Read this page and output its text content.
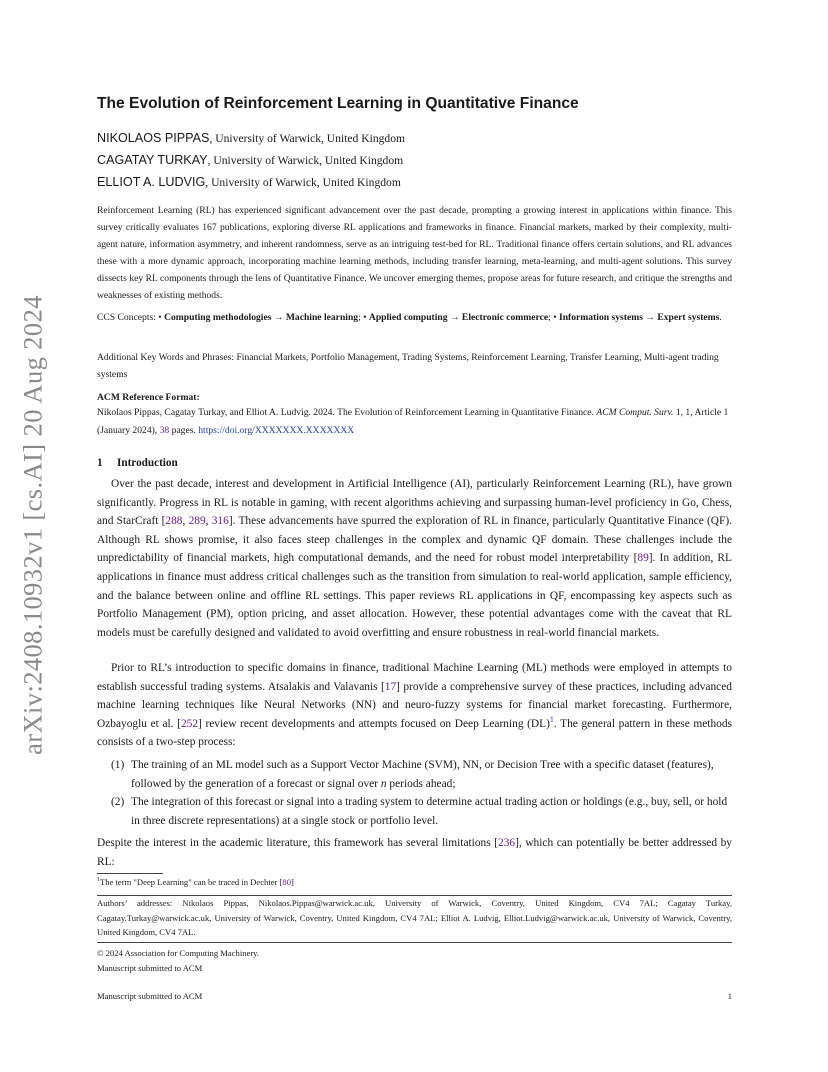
arXiv:2408.10932v1 [cs.AI] 20 Aug 2024
The Evolution of Reinforcement Learning in Quantitative Finance
NIKOLAOS PIPPAS, University of Warwick, United Kingdom
CAGATAY TURKAY, University of Warwick, United Kingdom
ELLIOT A. LUDVIG, University of Warwick, United Kingdom
Reinforcement Learning (RL) has experienced significant advancement over the past decade, prompting a growing interest in applications within finance. This survey critically evaluates 167 publications, exploring diverse RL applications and frameworks in finance. Financial markets, marked by their complexity, multi-agent nature, information asymmetry, and inherent randomness, serve as an intriguing test-bed for RL. Traditional finance offers certain solutions, and RL advances these with a more dynamic approach, incorporating machine learning methods, including transfer learning, meta-learning, and multi-agent solutions. This survey dissects key RL components through the lens of Quantitative Finance. We uncover emerging themes, propose areas for future research, and critique the strengths and weaknesses of existing methods.
CCS Concepts: • Computing methodologies → Machine learning; • Applied computing → Electronic commerce; • Information systems → Expert systems.
Additional Key Words and Phrases: Financial Markets, Portfolio Management, Trading Systems, Reinforcement Learning, Transfer Learning, Multi-agent trading systems
ACM Reference Format:
Nikolaos Pippas, Cagatay Turkay, and Elliot A. Ludvig. 2024. The Evolution of Reinforcement Learning in Quantitative Finance. ACM Comput. Surv. 1, 1, Article 1 (January 2024), 38 pages. https://doi.org/XXXXXXX.XXXXXXX
1 Introduction
Over the past decade, interest and development in Artificial Intelligence (AI), particularly Reinforcement Learning (RL), have grown significantly. Progress in RL is notable in gaming, with recent algorithms achieving and surpassing human-level proficiency in Go, Chess, and StarCraft [288, 289, 316]. These advancements have spurred the exploration of RL in finance, particularly Quantitative Finance (QF). Although RL shows promise, it also faces steep challenges in the complex and dynamic QF domain. These challenges include the unpredictability of financial markets, high computational demands, and the need for robust model interpretability [89]. In addition, RL applications in finance must address critical challenges such as the transition from simulation to real-world application, sample efficiency, and the balance between online and offline RL settings. This paper reviews RL applications in QF, encompassing key aspects such as Portfolio Management (PM), option pricing, and asset allocation. However, these potential advantages come with the caveat that RL models must be carefully designed and validated to avoid overfitting and ensure robustness in real-world financial markets.
Prior to RL’s introduction to specific domains in finance, traditional Machine Learning (ML) methods were employed in attempts to establish successful trading systems. Atsalakis and Valavanis [17] provide a comprehensive survey of these practices, including advanced machine learning techniques like Neural Networks (NN) and neuro-fuzzy systems for financial market forecasting. Furthermore, Ozbayoglu et al. [252] review recent developments and attempts focused on Deep Learning (DL)$^1$. The general pattern in these methods consists of a two-step process:
(1) The training of an ML model such as a Support Vector Machine (SVM), NN, or Decision Tree with a specific dataset (features), followed by the generation of a forecast or signal over n periods ahead;
(2) The integration of this forecast or signal into a trading system to determine actual trading action or holdings (e.g., buy, sell, or hold in three discrete representations) at a single stock or portfolio level.
Despite the interest in the academic literature, this framework has several limitations [236], which can potentially be better addressed by RL:
$^1$The term "Deep Learning" can be traced in Dechter [80]
Authors’ addresses: Nikolaos Pippas, Nikolaos.Pippas@warwick.ac.uk, University of Warwick, Coventry, United Kingdom, CV4 7AL; Cagatay Turkay, Cagatay.Turkay@warwick.ac.uk, University of Warwick, Coventry, United Kingdom, CV4 7AL; Elliot A. Ludvig, Elliot.Ludvig@warwick.ac.uk, University of Warwick, Coventry, United Kingdom, CV4 7AL.
© 2024 Association for Computing Machinery.
Manuscript submitted to ACM
Manuscript submitted to ACM	1
